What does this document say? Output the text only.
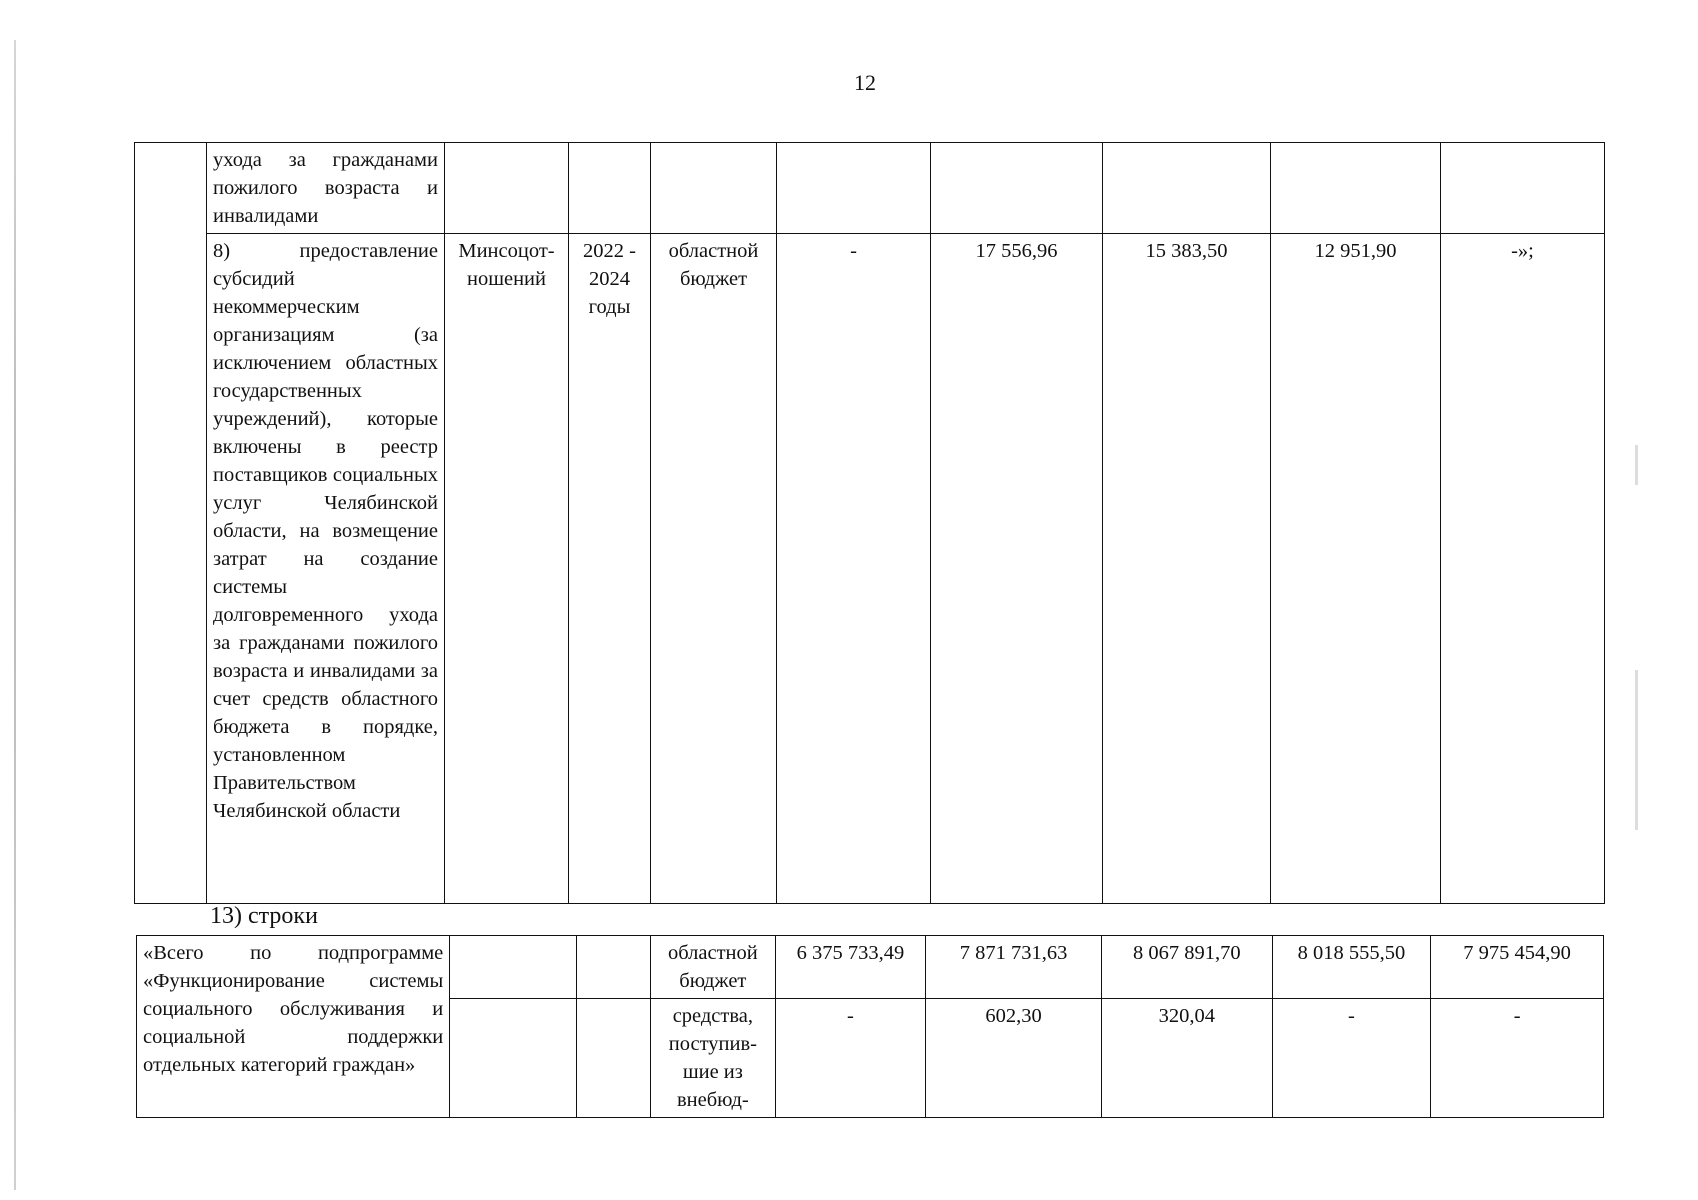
12
	ухода за гражданами пожилого возраста и инвалидами								
	8) предоставление субсидий некоммерческим организациям (за исключением областных государственных учреждений), которые включены в реестр поставщиков социальных услуг Челябинской области, на возмещение затрат на создание системы долговременного ухода за гражданами пожилого возраста и инвалидами за счет средств областного бюджета в порядке, установленном Правительством Челябинской области	Минсоцот-ношений	2022 - 2024 годы	областной бюджет	-	17 556,96	15 383,50	12 951,90	-»;
13) строки
«Всего по подпрограмме «Функционирование системы социального обслуживания и социальной поддержки отдельных категорий граждан»			областной бюджет	6 375 733,49	7 871 731,63	8 067 891,70	8 018 555,50	7 975 454,90
			средства, поступив-шие из внебюд-	-	602,30	320,04	-	-
